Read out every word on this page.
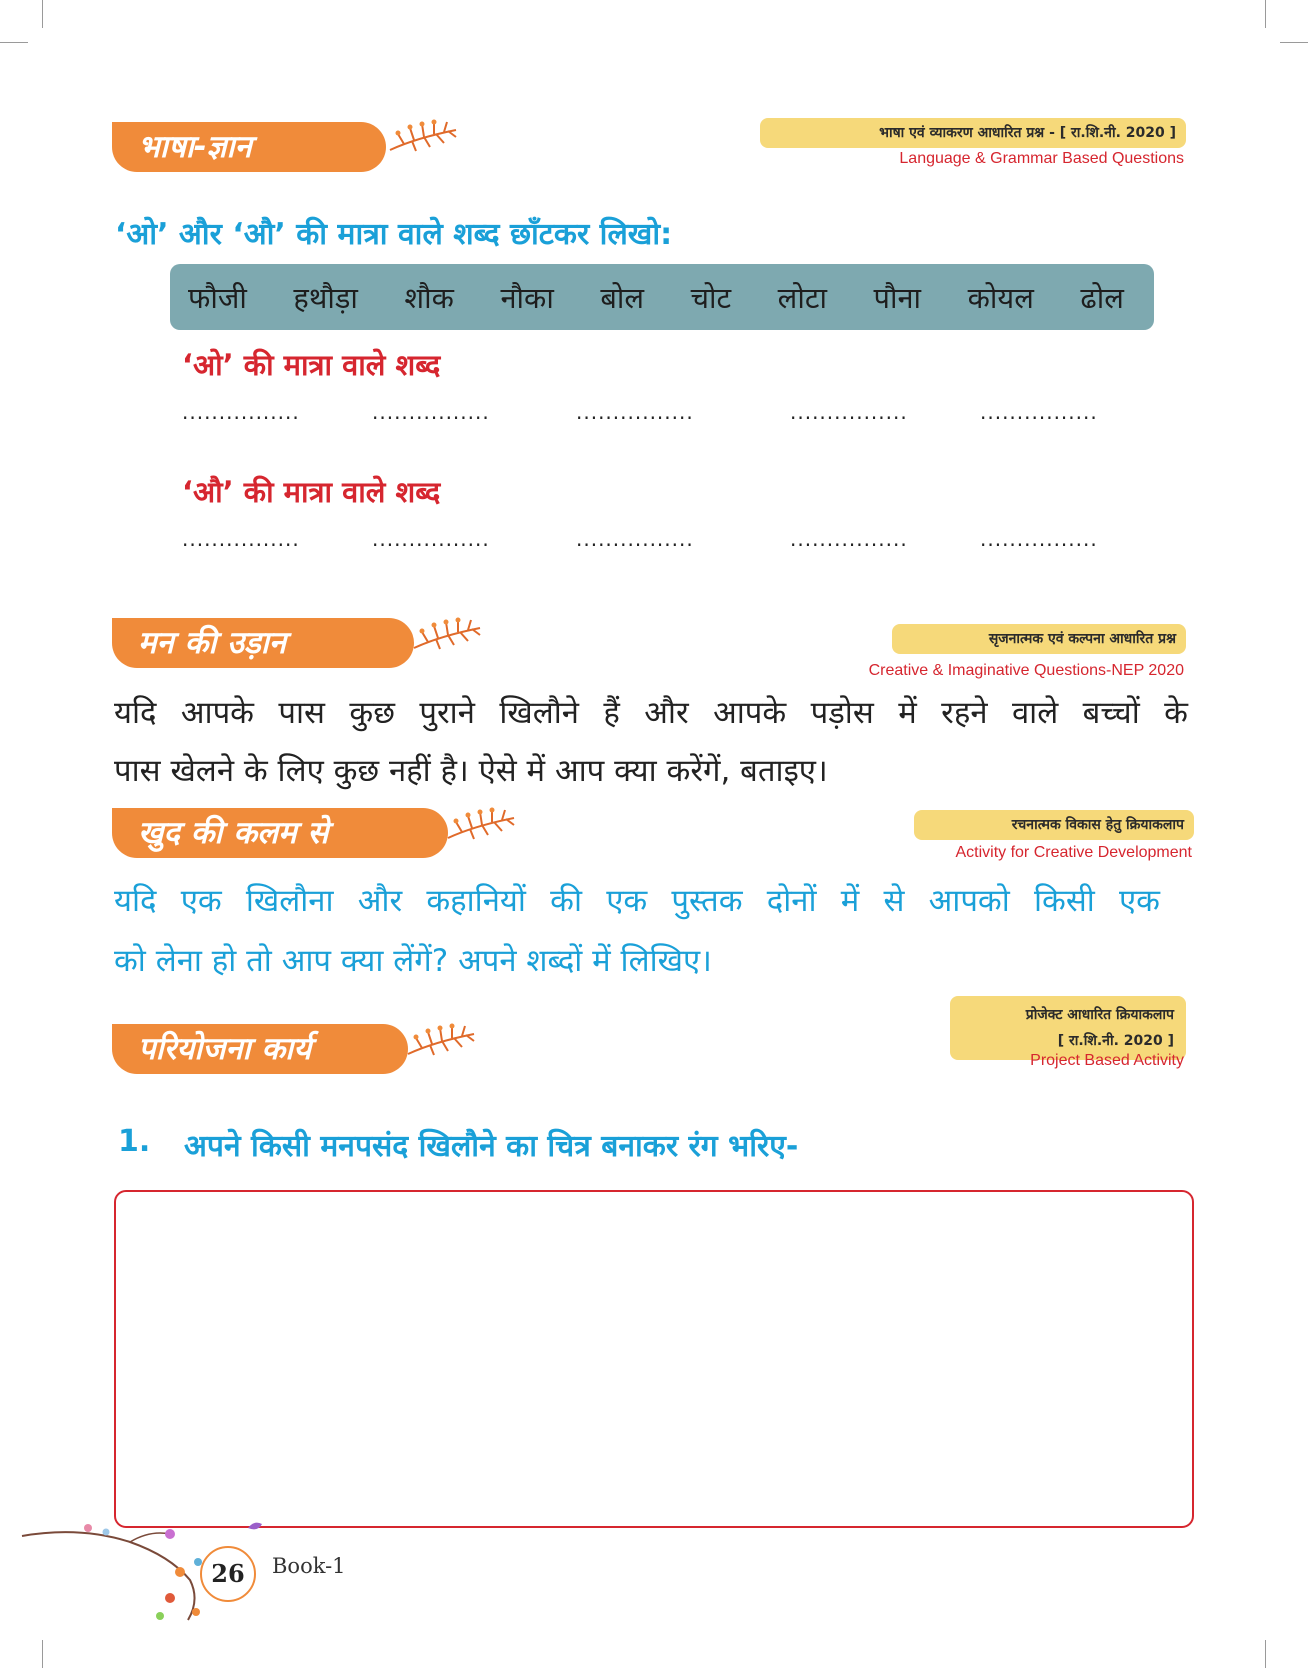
भाषा-ज्ञान	भाषा एवं व्याकरण आधारित प्रश्न - [ रा.शि.नी. 2020 ]
Language & Grammar Based Questions
‘ओ’ और ‘औ’ की मात्रा वाले शब्द छाँटकर लिखो:
फौजी हथौड़ा शौक नौका बोल चोट लोटा पौना कोयल ढोल
‘ओ’ की मात्रा वाले शब्द
................	................	................	................	................
‘औ’ की मात्रा वाले शब्द
................	................	................	................	................
मन की उड़ान	सृजनात्मक एवं कल्पना आधारित प्रश्न
Creative & Imaginative Questions-NEP 2020
यदि आपके पास कुछ पुराने खिलौने हैं और आपके पड़ोस में रहने वाले बच्चों के
पास खेलने के लिए कुछ नहीं है। ऐसे में आप क्या करेंगें, बताइए।
खुद की कलम से	रचनात्मक विकास हेतु क्रियाकलाप
Activity for Creative Development
यदि एक खिलौना और कहानियों की एक पुस्तक दोनों में से आपको किसी एक
को लेना हो तो आप क्या लेंगें? अपने शब्दों में लिखिए।
परियोजना कार्य
प्रोजेक्ट आधारित क्रियाकलाप
[ रा.शि.नी. 2020 ]
Project Based Activity
1. अपने किसी मनपसंद खिलौने का चित्र बनाकर रंग भरिए-
26	Book-1
